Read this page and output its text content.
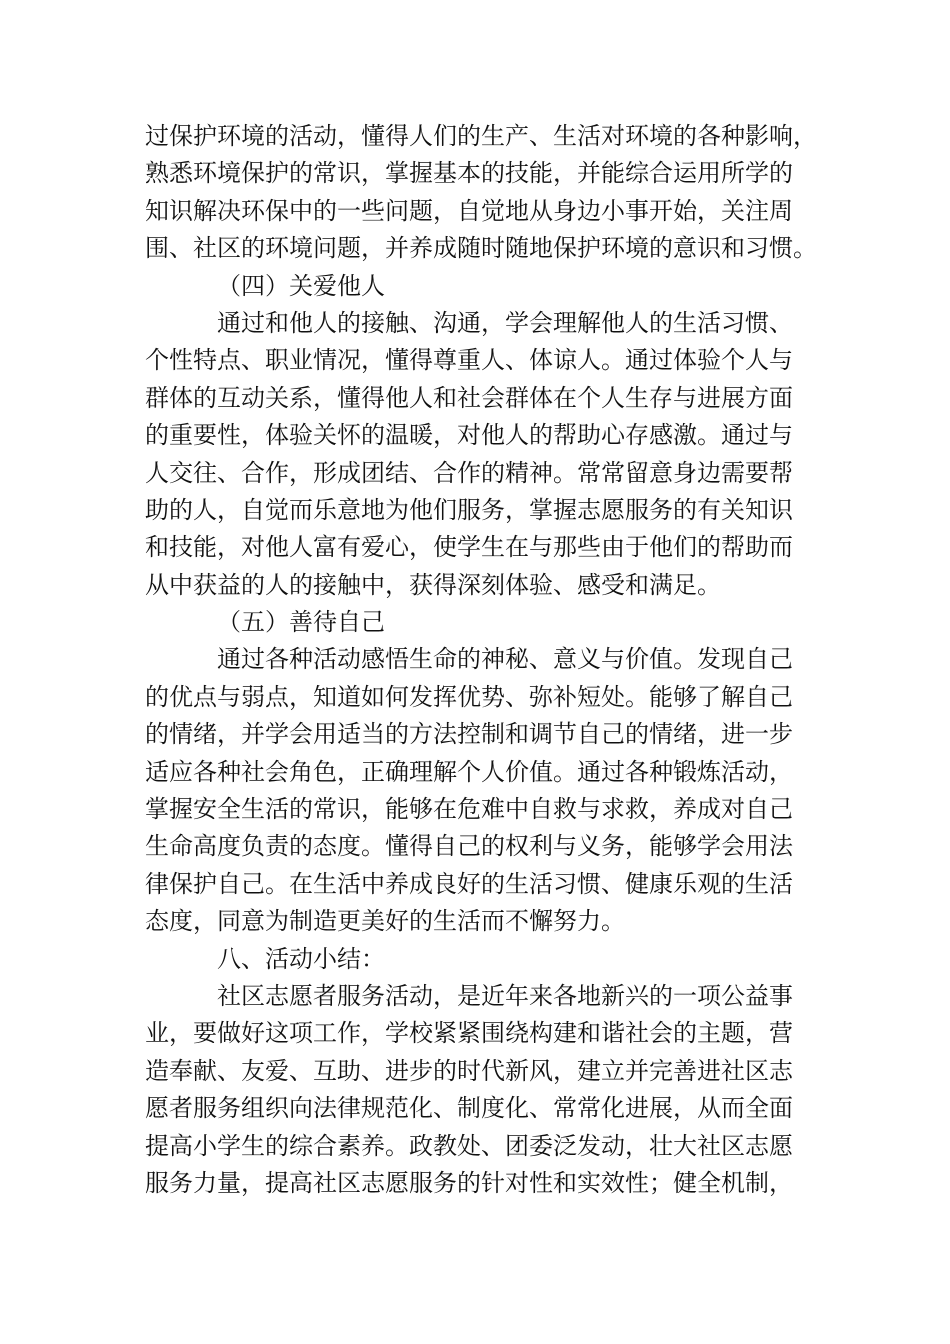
过保护环境的活动，懂得人们的生产、生活对环境的各种影响，
熟悉环境保护的常识，掌握基本的技能，并能综合运用所学的
知识解决环保中的一些问题，自觉地从身边小事开始，关注周
围、社区的环境问题，并养成随时随地保护环境的意识和习惯。
（四）关爱他人
通过和他人的接触、沟通，学会理解他人的生活习惯、
个性特点、职业情况，懂得尊重人、体谅人。通过体验个人与
群体的互动关系，懂得他人和社会群体在个人生存与进展方面
的重要性，体验关怀的温暖，对他人的帮助心存感激。通过与
人交往、合作，形成团结、合作的精神。常常留意身边需要帮
助的人，自觉而乐意地为他们服务，掌握志愿服务的有关知识
和技能，对他人富有爱心，使学生在与那些由于他们的帮助而
从中获益的人的接触中，获得深刻体验、感受和满足。
（五）善待自己
通过各种活动感悟生命的神秘、意义与价值。发现自己
的优点与弱点，知道如何发挥优势、弥补短处。能够了解自己
的情绪，并学会用适当的方法控制和调节自己的情绪，进一步
适应各种社会角色，正确理解个人价值。通过各种锻炼活动，
掌握安全生活的常识，能够在危难中自救与求救，养成对自己
生命高度负责的态度。懂得自己的权利与义务，能够学会用法
律保护自己。在生活中养成良好的生活习惯、健康乐观的生活
态度，同意为制造更美好的生活而不懈努力。
八、活动小结：
社区志愿者服务活动，是近年来各地新兴的一项公益事
业，要做好这项工作，学校紧紧围绕构建和谐社会的主题，营
造奉献、友爱、互助、进步的时代新风，建立并完善进社区志
愿者服务组织向法律规范化、制度化、常常化进展，从而全面
提高小学生的综合素养。政教处、团委泛发动，壮大社区志愿
服务力量，提高社区志愿服务的针对性和实效性；健全机制，
